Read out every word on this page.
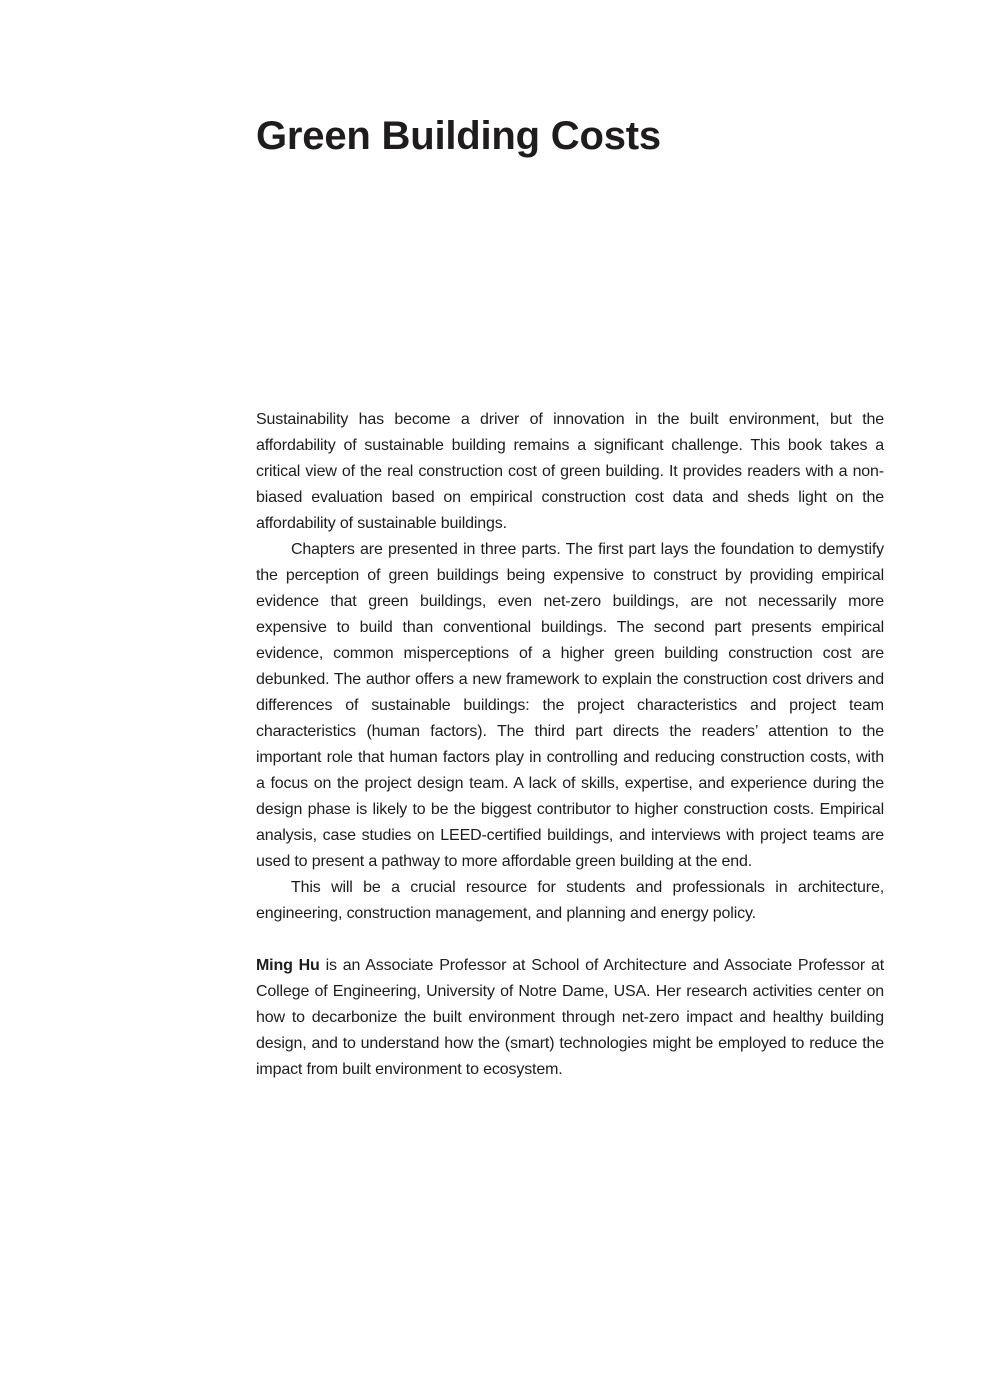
Green Building Costs

Sustainability has become a driver of innovation in the built environment, but the affordability of sustainable building remains a significant challenge. This book takes a critical view of the real construction cost of green building. It provides readers with a non-biased evaluation based on empirical construction cost data and sheds light on the affordability of sustainable buildings.

Chapters are presented in three parts. The first part lays the foundation to demystify the perception of green buildings being expensive to construct by providing empirical evidence that green buildings, even net-zero buildings, are not necessarily more expensive to build than conventional buildings. The second part presents empirical evidence, common misperceptions of a higher green building construction cost are debunked. The author offers a new framework to explain the construction cost drivers and differences of sustainable buildings: the project characteristics and project team characteristics (human factors). The third part directs the readers’ attention to the important role that human factors play in controlling and reducing construction costs, with a focus on the project design team. A lack of skills, expertise, and experience during the design phase is likely to be the biggest contributor to higher construction costs. Empirical analysis, case studies on LEED-certified buildings, and interviews with project teams are used to present a pathway to more affordable green building at the end.

This will be a crucial resource for students and professionals in architecture, engineering, construction management, and planning and energy policy.

Ming Hu is an Associate Professor at School of Architecture and Associate Professor at College of Engineering, University of Notre Dame, USA. Her research activities center on how to decarbonize the built environment through net-zero impact and healthy building design, and to understand how the (smart) technologies might be employed to reduce the impact from built environment to ecosystem.
